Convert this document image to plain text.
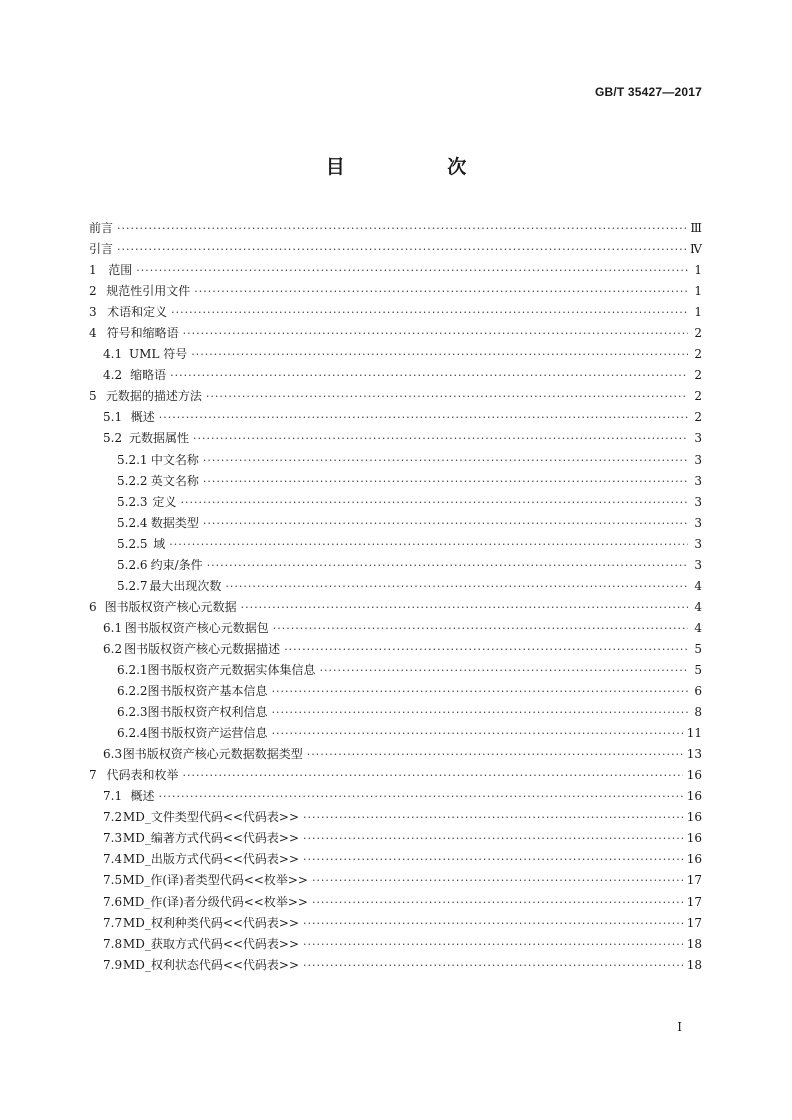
GB/T 35427—2017
目 次
前言 ·····	Ⅲ
引言 ·····	Ⅳ
1 范围 ·····	1
2 规范性引用文件 ·····	1
3 术语和定义 ·····	1
4 符号和缩略语 ·····	2
4.1 UML 符号 ·····	2
4.2 缩略语 ·····	2
5 元数据的描述方法 ·····	2
5.1 概述 ·····	2
5.2 元数据属性 ·····	3
5.2.1 中文名称 ·····	3
5.2.2 英文名称 ·····	3
5.2.3 定义 ·····	3
5.2.4 数据类型 ·····	3
5.2.5 域 ·····	3
5.2.6 约束/条件 ·····	3
5.2.7 最大出现次数 ·····	4
6 图书版权资产核心元数据 ·····	4
6.1 图书版权资产核心元数据包 ·····	4
6.2 图书版权资产核心元数据描述 ·····	5
6.2.1 图书版权资产元数据实体集信息 ·····	5
6.2.2 图书版权资产基本信息 ·····	6
6.2.3 图书版权资产权利信息 ·····	8
6.2.4 图书版权资产运营信息 ·····	11
6.3 图书版权资产核心元数据数据类型 ·····	13
7 代码表和枚举 ·····	16
7.1 概述 ·····	16
7.2 MD_文件类型代码<<代码表>> ·····	16
7.3 MD_编著方式代码<<代码表>> ·····	16
7.4 MD_出版方式代码<<代码表>> ·····	16
7.5 MD_作(译)者类型代码<<枚举>> ·····	17
7.6 MD_作(译)者分级代码<<枚举>> ·····	17
7.7 MD_权利种类代码<<代码表>> ·····	17
7.8 MD_获取方式代码<<代码表>> ·····	18
7.9 MD_权利状态代码<<代码表>> ·····	18
Ⅰ
